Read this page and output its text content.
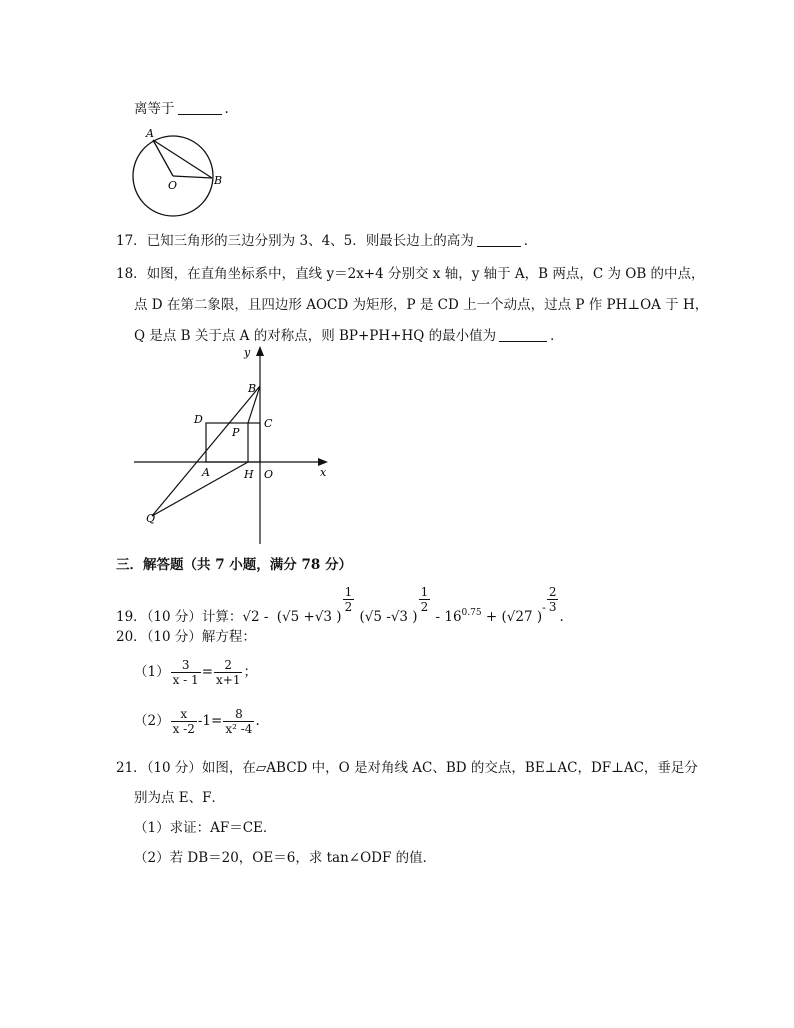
离等于	.
A
O	B
17．已知三角形的三边分别为 3、4、5．则最长边上的高为	．
18．如图，在直角坐标系中，直线 y＝2x+4 分别交 x 轴，y 轴于 A，B 两点，C 为 OB 的中点，
点 D 在第二象限，且四边形 AOCD 为矩形，P 是 CD 上一个动点，过点 P 作 PH⊥OA 于 H，
Q 是点 B 关于点 A 的对称点，则 BP+PH+HQ 的最小值为	．
y
x
B
D	C
P
A	H O
Q
三．解答题（共 7 小题，满分 78 分）
19．（10 分）计算：√2 - (√5 +√3 )
$\frac{1}{2}$
(√5 -√3 )
$\frac{1}{2}$
- $16^{0.75} + (√27$ )$^- \frac{2}{3}$
.
20．（10 分）解方程：
$(1) \frac{3}{x - 1} = \frac{2}{x+1}$ ；
$(2) \frac{x}{x -2} -1= \frac{8}{\text{x² -4}}$ .
21．（10 分）如图，在▱ABCD 中，O 是对角线 AC、BD 的交点，BE⊥AC，DF⊥AC，垂足分
别为点 E、F．
（1）求证：AF＝CE．
（2）若 DB＝20，OE＝6，求 tan∠ODF 的值．
